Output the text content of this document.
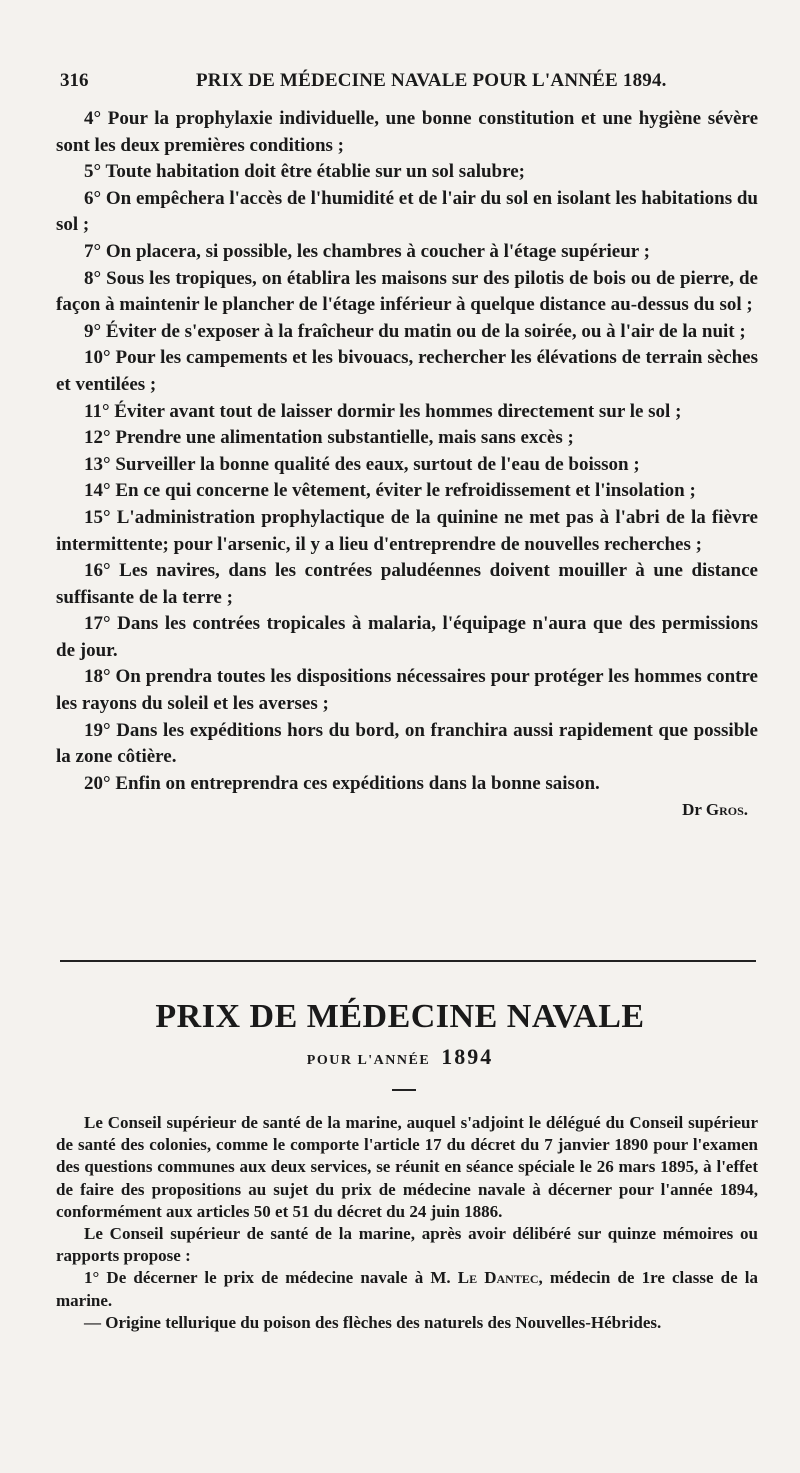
316	PRIX DE MÉDECINE NAVALE POUR L'ANNÉE 1894.

4° Pour la prophylaxie individuelle, une bonne constitution et une hygiène sévère sont les deux premières conditions ;

5° Toute habitation doit être établie sur un sol salubre;

6° On empêchera l'accès de l'humidité et de l'air du sol en isolant les habitations du sol ;

7° On placera, si possible, les chambres à coucher à l'étage supérieur ;

8° Sous les tropiques, on établira les maisons sur des pilotis de bois ou de pierre, de façon à maintenir le plancher de l'étage inférieur à quelque distance au-dessus du sol ;

9° Éviter de s'exposer à la fraîcheur du matin ou de la soirée, ou à l'air de la nuit ;

10° Pour les campements et les bivouacs, rechercher les élévations de terrain sèches et ventilées ;

11° Éviter avant tout de laisser dormir les hommes directement sur le sol ;

12° Prendre une alimentation substantielle, mais sans excès ;

13° Surveiller la bonne qualité des eaux, surtout de l'eau de boisson ;

14° En ce qui concerne le vêtement, éviter le refroidissement et l'insolation ;

15° L'administration prophylactique de la quinine ne met pas à l'abri de la fièvre intermittente; pour l'arsenic, il y a lieu d'entreprendre de nouvelles recherches ;

16° Les navires, dans les contrées paludéennes doivent mouiller à une distance suffisante de la terre ;

17° Dans les contrées tropicales à malaria, l'équipage n'aura que des permissions de jour.

18° On prendra toutes les dispositions nécessaires pour protéger les hommes contre les rayons du soleil et les averses ;

19° Dans les expéditions hors du bord, on franchira aussi rapidement que possible la zone côtière.

20° Enfin on entreprendra ces expéditions dans la bonne saison.

Dr Gros.
PRIX DE MÉDECINE NAVALE
POUR L'ANNÉE 1894

Le Conseil supérieur de santé de la marine, auquel s'adjoint le délégué du Conseil supérieur de santé des colonies, comme le comporte l'article 17 du décret du 7 janvier 1890 pour l'examen des questions communes aux deux services, se réunit en séance spéciale le 26 mars 1895, à l'effet de faire des propositions au sujet du prix de médecine navale à décerner pour l'année 1894, conformément aux articles 50 et 51 du décret du 24 juin 1886.

Le Conseil supérieur de santé de la marine, après avoir délibéré sur quinze mémoires ou rapports propose :

1° De décerner le prix de médecine navale à M. Le Dantec, médecin de 1re classe de la marine.

— Origine tellurique du poison des flèches des naturels des Nouvelles-Hébrides.
